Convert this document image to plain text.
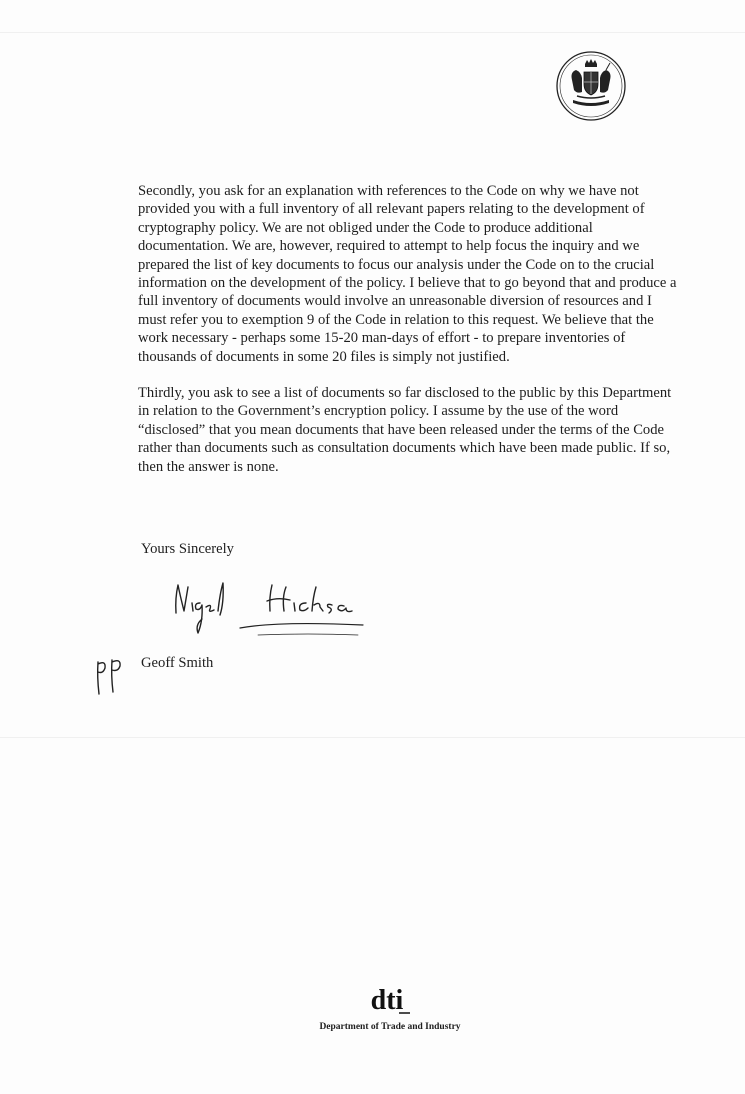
Secondly, you ask for an explanation with references to the Code on why we have not provided you with a full inventory of all relevant papers relating to the development of cryptography policy. We are not obliged under the Code to produce additional documentation. We are, however, required to attempt to help focus the inquiry and we prepared the list of key documents to focus our analysis under the Code on to the crucial information on the development of the policy. I believe that to go beyond that and produce a full inventory of documents would involve an unreasonable diversion of resources and I must refer you to exemption 9 of the Code in relation to this request. We believe that the work necessary - perhaps some 15-20 man-days of effort - to prepare inventories of thousands of documents in some 20 files is simply not justified.

Thirdly, you ask to see a list of documents so far disclosed to the public by this Department in relation to the Government’s encryption policy. I assume by the use of the word “disclosed” that you mean documents that have been released under the terms of the Code rather than documents such as consultation documents which have been made public. If so, then the answer is none.

Yours Sincerely
Geoff Smith
dti
Department of Trade and Industry
